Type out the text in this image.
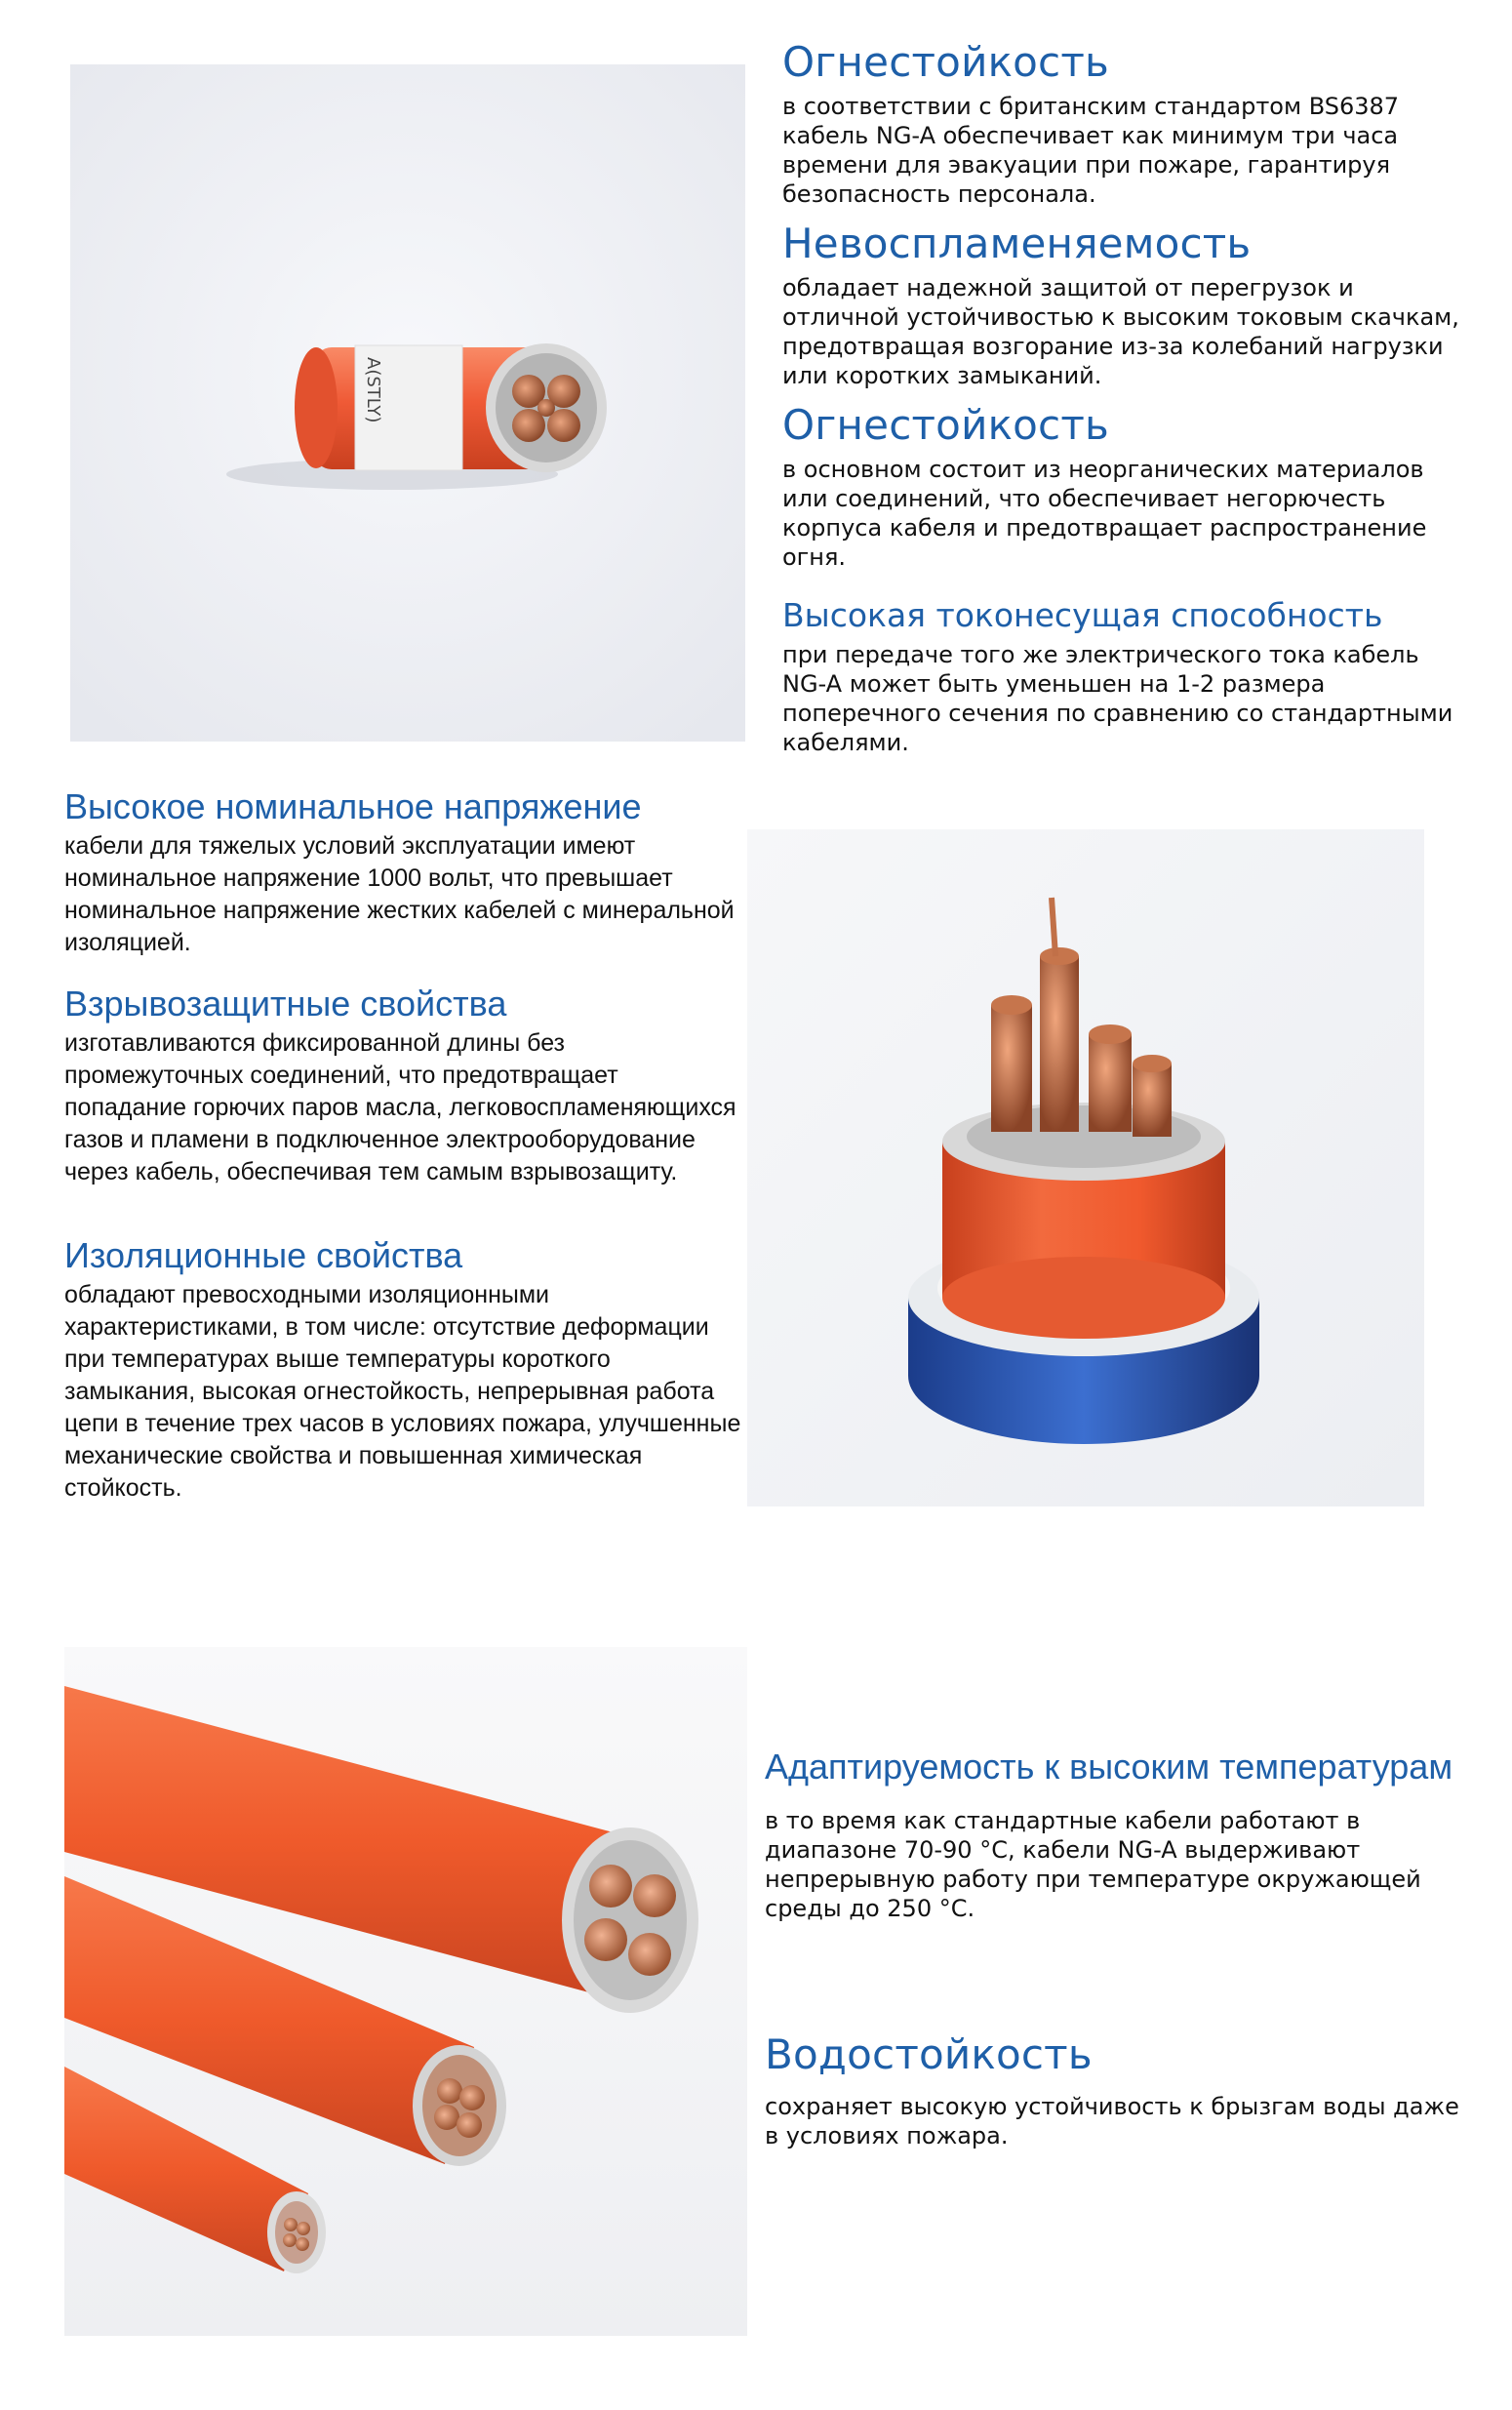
A(STLY)
Огнестойкость

в соответствии с британским стандартом BS6387 кабель NG-A обеспечивает как минимум три часа времени для эвакуации при пожаре, гарантируя безопасность персонала.

Невоспламеняемость

обладает надежной защитой от перегрузок и отличной устойчивостью к высоким токовым скачкам, предотвращая возгорание из-за колебаний нагрузки или коротких замыканий.

Огнестойкость

в основном состоит из неорганических материалов или соединений, что обеспечивает негорючесть корпуса кабеля и предотвращает распространение огня.

Высокая токонесущая способность

при передаче того же электрического тока кабель NG-A может быть уменьшен на 1-2 размера поперечного сечения по сравнению со стандартными кабелями.

Высокое номинальное напряжение

кабели для тяжелых условий эксплуатации имеют номинальное напряжение 1000 вольт, что превышает номинальное напряжение жестких кабелей с минеральной изоляцией.

Взрывозащитные свойства

изготавливаются фиксированной длины без промежуточных соединений, что предотвращает попадание горючих паров масла, легковоспламеняющихся газов и пламени в подключенное электрооборудование через кабель, обеспечивая тем самым взрывозащиту.

Изоляционные свойства

обладают превосходными изоляционными характеристиками, в том числе: отсутствие деформации при температурах выше температуры короткого замыкания, высокая огнестойкость, непрерывная работа цепи в течение трех часов в условиях пожара, улучшенные механические свойства и повышенная химическая стойкость.

Адаптируемость к высоким температурам

в то время как стандартные кабели работают в диапазоне 70-90 °C, кабели NG-A выдерживают непрерывную работу при температуре окружающей среды до 250 °C.

Водостойкость

сохраняет высокую устойчивость к брызгам воды даже в условиях пожара.
